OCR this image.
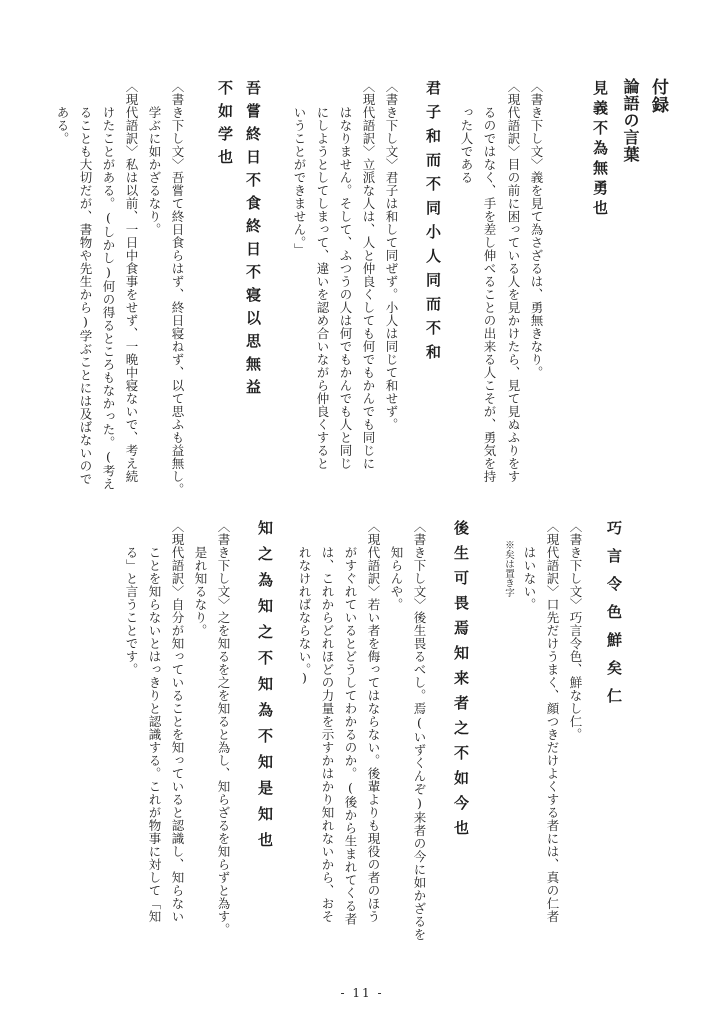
付録
論語の言葉
見義不為無勇也
〈書き下し文〉義を見て為さざるは、勇無きなり。
〈現代語訳〉目の前に困っている人を見かけたら、見て見ぬふりをす
るのではなく、手を差し伸べることの出来る人こそが、勇気を持
った人である
君子和而不同小人同而不和
〈書き下し文〉君子は和して同ぜず。小人は同じて和せず。
〈現代語訳〉立派な人は、人と仲良くしても何でもかんでも同じに
はなりません。そして、ふつうの人は何でもかんでも人と同じ
にしようとしてしまって、違いを認め合いながら仲良くすると
いうことができません。」
吾嘗終日不食終日不寝以思無益
不如学也
〈書き下し文〉吾嘗て終日食らはず、終日寝ねず、以て思ふも益無し。
学ぶに如かざるなり。
〈現代語訳〉私は以前、一日中食事をせず、一晩中寝ないで、考え続
けたことがある。(しかし)何の得るところもなかった。(考え
ることも大切だが、書物や先生から)学ぶことには及ばないので
ある。
巧言令色鮮矣仁
〈書き下し文〉巧言令色、鮮なし仁。
〈現代語訳〉口先だけうまく、顔つきだけよくする者には、真の仁者
はいない。
※矣は置き字
後生可畏焉知来者之不如今也
〈書き下し文〉後生畏るべし。焉(いずくんぞ)来者の今に如かざるを
知らんや。
〈現代語訳〉若い者を侮ってはならない。後輩よりも現役の者のほう
がすぐれているとどうしてわかるのか。(後から生まれてくる者
は、これからどれほどの力量を示すかはかり知れないから、おそ
れなければならない。)
知之為知之不知為不知是知也
〈書き下し文〉之を知るを之を知ると為し、知らざるを知らずと為す。
是れ知るなり。
〈現代語訳〉自分が知っていることを知っていると認識し、知らない
ことを知らないとはっきりと認識する。これが物事に対して「知
る」と言うことです。
- 11 -
